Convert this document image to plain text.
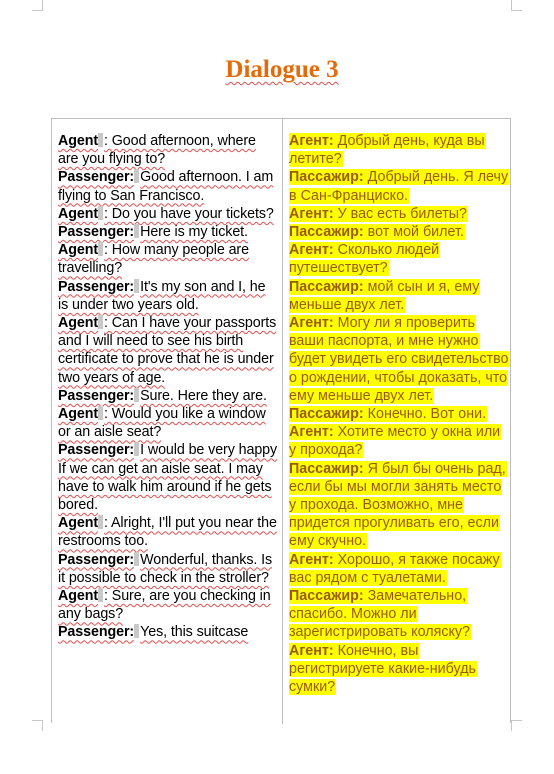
Dialogue 3
Agent : Good afternoon, where are you flying to?
Passenger: Good afternoon. I am flying to San Francisco.
Agent : Do you have your tickets?
Passenger: Here is my ticket.
Agent : How many people are travelling?
Passenger: It's my son and I, he is under two years old.
Agent : Can I have your passports and I will need to see his birth certificate to prove that he is under two years of age.
Passenger: Sure. Here they are.
Agent : Would you like a window or an aisle seat?
Passenger: I would be very happy If we can get an aisle seat. I may have to walk him around if he gets bored.
Agent : Alright, I'll put you near the restrooms too.
Passenger: Wonderful, thanks. Is it possible to check in the stroller?
Agent : Sure, are you checking in any bags?
Passenger: Yes, this suitcase
Агент: Добрый день, куда вы летите?
Пассажир: Добрый день. Я лечу в Сан-Франциско.
Агент: У вас есть билеты?
Пассажир: вот мой билет.
Агент: Сколько людей путешествует?
Пассажир: мой сын и я, ему меньше двух лет.
Агент: Могу ли я проверить ваши паспорта, и мне нужно будет увидеть его свидетельство о рождении, чтобы доказать, что ему меньше двух лет.
Пассажир: Конечно. Вот они.
Агент: Хотите место у окна или у прохода?
Пассажир: Я был бы очень рад, если бы мы могли занять место у прохода. Возможно, мне придется прогуливать его, если ему скучно.
Агент: Хорошо, я также посажу вас рядом с туалетами.
Пассажир: Замечательно, спасибо. Можно ли зарегистрировать коляску?
Агент: Конечно, вы регистрируете какие-нибудь сумки?
